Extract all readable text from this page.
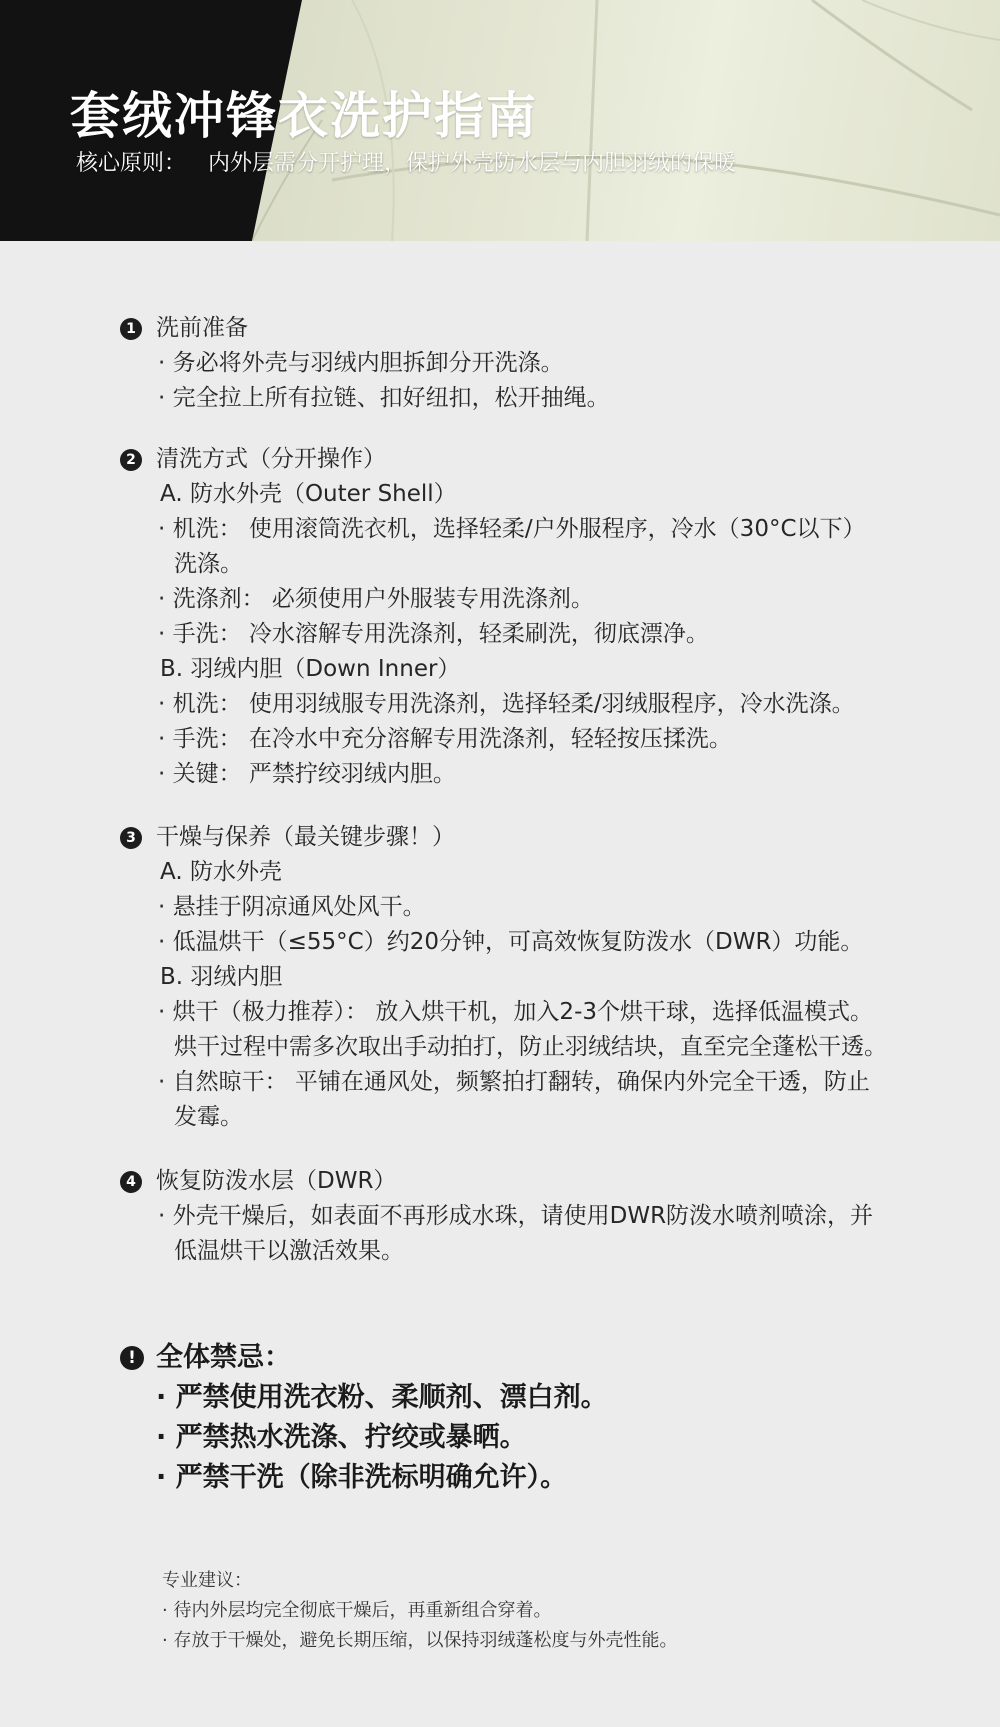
套绒冲锋衣洗护指南
核心原则： 内外层需分开护理，保护外壳防水层与内胆羽绒的保暖
1 洗前准备
· 务必将外壳与羽绒内胆拆卸分开洗涤。
· 完全拉上所有拉链、扣好纽扣，松开抽绳。
2 清洗方式（分开操作）
A. 防水外壳（Outer Shell）
· 机洗： 使用滚筒洗衣机，选择轻柔/户外服程序，冷水（30°C以下）
洗涤。
· 洗涤剂： 必须使用户外服装专用洗涤剂。
· 手洗： 冷水溶解专用洗涤剂，轻柔刷洗，彻底漂净。
B. 羽绒内胆（Down Inner）
· 机洗： 使用羽绒服专用洗涤剂，选择轻柔/羽绒服程序，冷水洗涤。
· 手洗： 在冷水中充分溶解专用洗涤剂，轻轻按压揉洗。
· 关键： 严禁拧绞羽绒内胆。
3 干燥与保养（最关键步骤！）
A. 防水外壳
· 悬挂于阴凉通风处风干。
· 低温烘干（≤55°C）约20分钟，可高效恢复防泼水（DWR）功能。
B. 羽绒内胆
· 烘干（极力推荐）： 放入烘干机，加入2-3个烘干球，选择低温模式。
烘干过程中需多次取出手动拍打，防止羽绒结块，直至完全蓬松干透。
· 自然晾干： 平铺在通风处，频繁拍打翻转，确保内外完全干透，防止
发霉。
4 恢复防泼水层（DWR）
· 外壳干燥后，如表面不再形成水珠，请使用DWR防泼水喷剂喷涂，并
低温烘干以激活效果。
! 全体禁忌：
· 严禁使用洗衣粉、柔顺剂、漂白剂。
· 严禁热水洗涤、拧绞或暴晒。
· 严禁干洗（除非洗标明确允许）。
专业建议：
· 待内外层均完全彻底干燥后，再重新组合穿着。
· 存放于干燥处，避免长期压缩，以保持羽绒蓬松度与外壳性能。
